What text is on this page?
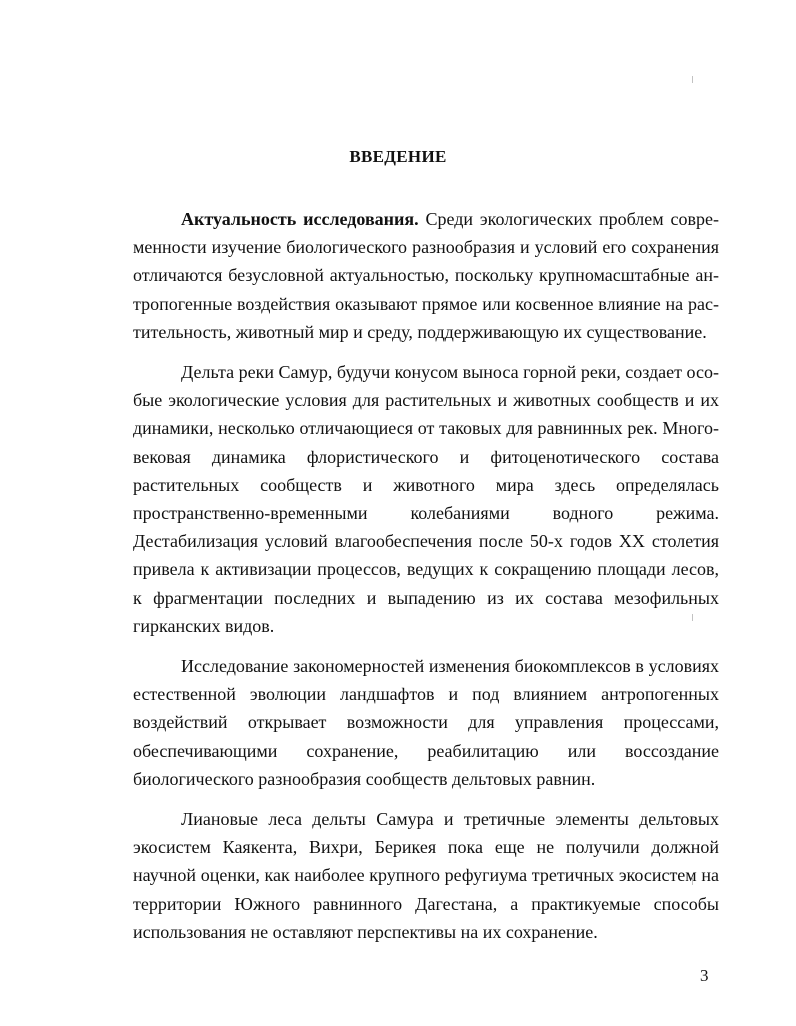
ВВЕДЕНИЕ

Актуальность исследования. Среди экологических проблем современности изучение биологического разнообразия и условий его сохранения отличаются безусловной актуальностью, поскольку крупномасштабные антропогенные воздействия оказывают прямое или косвенное влияние на растительность, животный мир и среду, поддерживающую их существование.

Дельта реки Самур, будучи конусом выноса горной реки, создает особые экологические условия для растительных и животных сообществ и их динамики, несколько отличающиеся от таковых для равнинных рек. Многовековая динамика флористического и фитоценотического состава растительных сообществ и животного мира здесь определялась пространственно-временными колебаниями водного режима. Дестабилизация условий влагообеспечения после 50-х годов XX столетия привела к активизации процессов, ведущих к сокращению площади лесов, к фрагментации последних и выпадению из их состава мезофильных гирканских видов.

Исследование закономерностей изменения биокомплексов в условиях естественной эволюции ландшафтов и под влиянием антропогенных воздействий открывает возможности для управления процессами, обеспечивающими сохранение, реабилитацию или воссоздание биологического разнообразия сообществ дельтовых равнин.

Лиановые леса дельты Самура и третичные элементы дельтовых экосистем Каякента, Вихри, Берикея пока еще не получили должной научной оценки, как наиболее крупного рефугиума третичных экосистем на территории Южного равнинного Дагестана, а практикуемые способы использования не оставляют перспективы на их сохранение.

3
